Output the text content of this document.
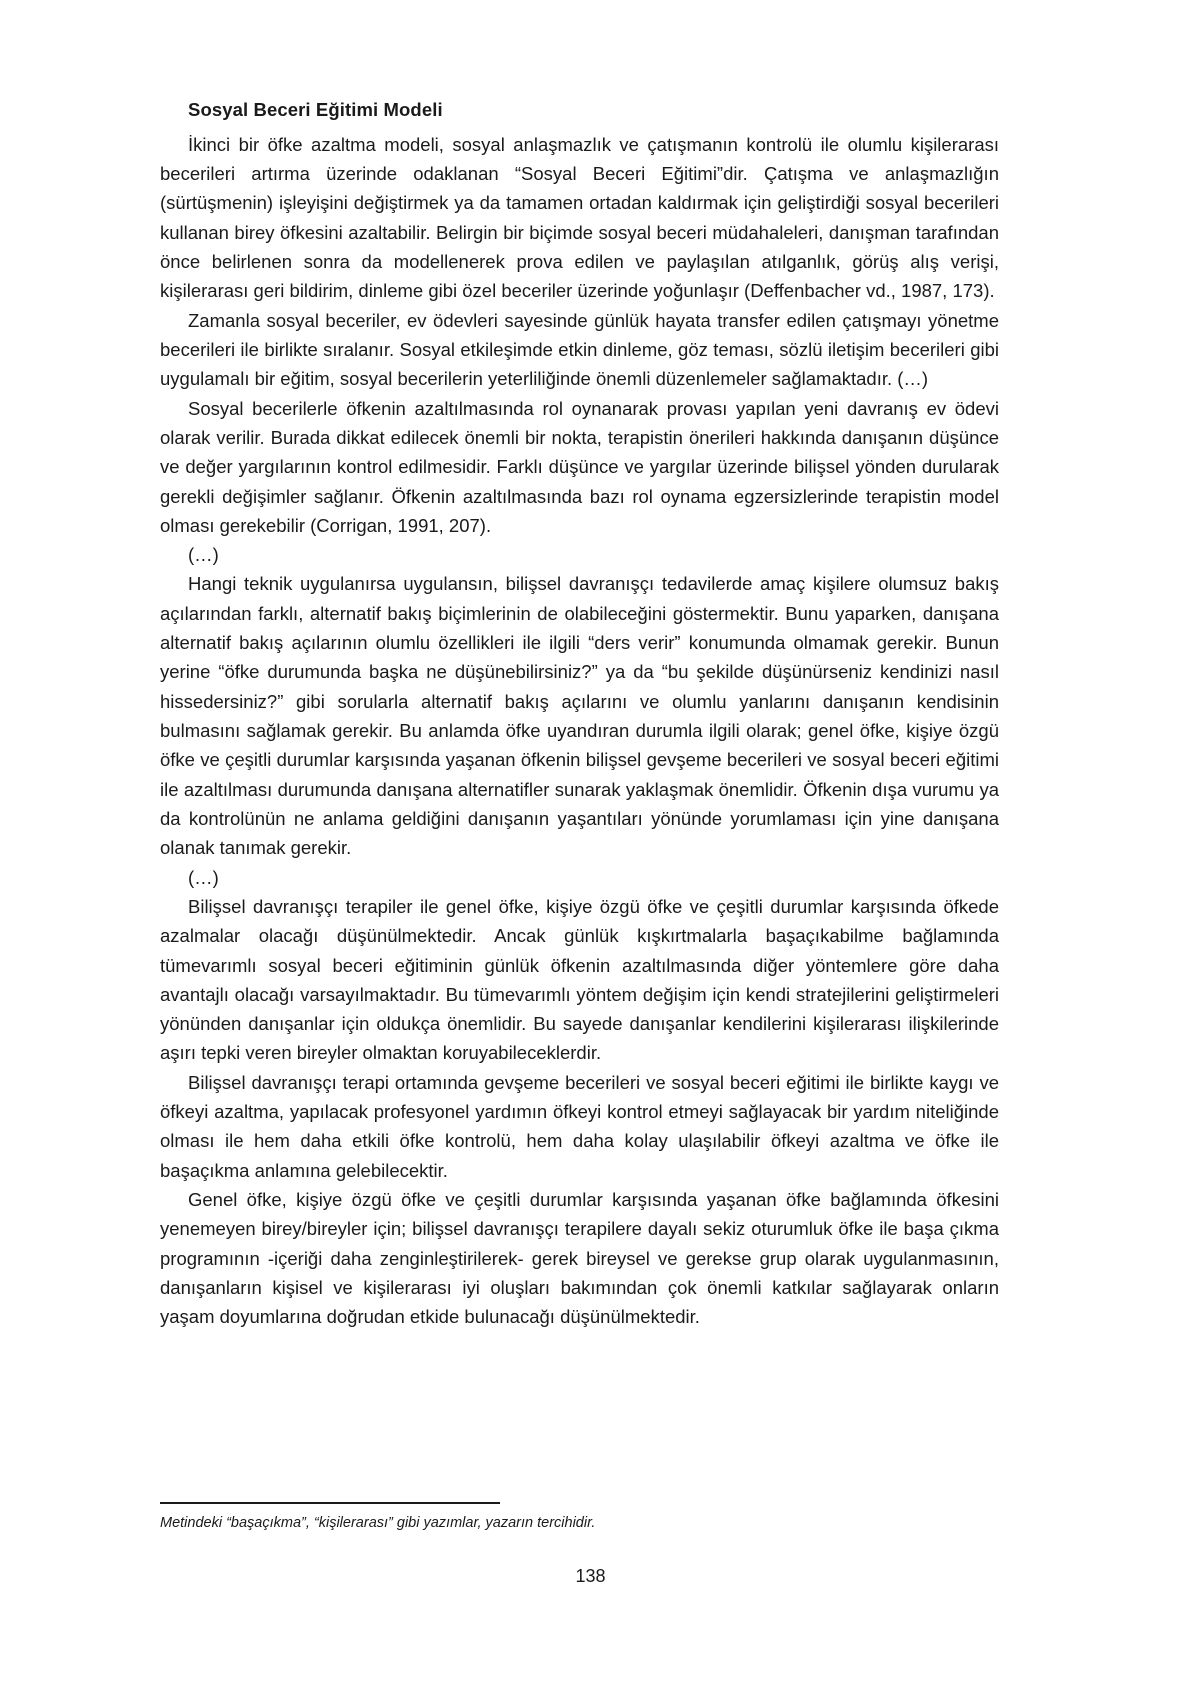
Sosyal Beceri Eğitimi Modeli

İkinci bir öfke azaltma modeli, sosyal anlaşmazlık ve çatışmanın kontrolü ile olumlu kişilerarası becerileri artırma üzerinde odaklanan “Sosyal Beceri Eğitimi”dir. Çatışma ve anlaşmazlığın (sürtüşmenin) işleyişini değiştirmek ya da tamamen ortadan kaldırmak için geliştirdiği sosyal becerileri kullanan birey öfkesini azaltabilir. Belirgin bir biçimde sosyal beceri müdahaleleri, danışman tarafından önce belirlenen sonra da modellenerek prova edilen ve paylaşılan atılganlık, görüş alış verişi, kişilerarası geri bildirim, dinleme gibi özel beceriler üzerinde yoğunlaşır (Deffenbacher vd., 1987, 173).

Zamanla sosyal beceriler, ev ödevleri sayesinde günlük hayata transfer edilen çatışmayı yönetme becerileri ile birlikte sıralanır. Sosyal etkileşimde etkin dinleme, göz teması, sözlü iletişim becerileri gibi uygulamalı bir eğitim, sosyal becerilerin yeterliliğinde önemli düzenlemeler sağlamaktadır. (…)

Sosyal becerilerle öfkenin azaltılmasında rol oynanarak provası yapılan yeni davranış ev ödevi olarak verilir. Burada dikkat edilecek önemli bir nokta, terapistin önerileri hakkında danışanın düşünce ve değer yargılarının kontrol edilmesidir. Farklı düşünce ve yargılar üzerinde bilişsel yönden durularak gerekli değişimler sağlanır. Öfkenin azaltılmasında bazı rol oynama egzersizlerinde terapistin model olması gerekebilir (Corrigan, 1991, 207).

(…)

Hangi teknik uygulanırsa uygulansın, bilişsel davranışçı tedavilerde amaç kişilere olumsuz bakış açılarından farklı, alternatif bakış biçimlerinin de olabileceğini göstermektir. Bunu yaparken, danışana alternatif bakış açılarının olumlu özellikleri ile ilgili “ders verir” konumunda olmamak gerekir. Bunun yerine “öfke durumunda başka ne düşünebilirsiniz?” ya da “bu şekilde düşünürseniz kendinizi nasıl hissedersiniz?” gibi sorularla alternatif bakış açılarını ve olumlu yanlarını danışanın kendisinin bulmasını sağlamak gerekir. Bu anlamda öfke uyandıran durumla ilgili olarak; genel öfke, kişiye özgü öfke ve çeşitli durumlar karşısında yaşanan öfkenin bilişsel gevşeme becerileri ve sosyal beceri eğitimi ile azaltılması durumunda danışana alternatifler sunarak yaklaşmak önemlidir. Öfkenin dışa vurumu ya da kontrolünün ne anlama geldiğini danışanın yaşantıları yönünde yorumlaması için yine danışana olanak tanımak gerekir.

(…)

Bilişsel davranışçı terapiler ile genel öfke, kişiye özgü öfke ve çeşitli durumlar karşısında öfkede azalmalar olacağı düşünülmektedir. Ancak günlük kışkırtmalarla başaçıkabilme bağlamında tümevarımlı sosyal beceri eğitiminin günlük öfkenin azaltılmasında diğer yöntemlere göre daha avantajlı olacağı varsayılmaktadır. Bu tümevarımlı yöntem değişim için kendi stratejilerini geliştirmeleri yönünden danışanlar için oldukça önemlidir. Bu sayede danışanlar kendilerini kişilerarası ilişkilerinde aşırı tepki veren bireyler olmaktan koruyabileceklerdir.

Bilişsel davranışçı terapi ortamında gevşeme becerileri ve sosyal beceri eğitimi ile birlikte kaygı ve öfkeyi azaltma, yapılacak profesyonel yardımın öfkeyi kontrol etmeyi sağlayacak bir yardım niteliğinde olması ile hem daha etkili öfke kontrolü, hem daha kolay ulaşılabilir öfkeyi azaltma ve öfke ile başaçıkma anlamına gelebilecektir.

Genel öfke, kişiye özgü öfke ve çeşitli durumlar karşısında yaşanan öfke bağlamında öfkesini yenemeyen birey/bireyler için; bilişsel davranışçı terapilere dayalı sekiz oturumluk öfke ile başa çıkma programının -içeriği daha zenginleştirilerek- gerek bireysel ve gerekse grup olarak uygulanmasının, danışanların kişisel ve kişilerarası iyi oluşları bakımından çok önemli katkılar sağlayarak onların yaşam doyumlarına doğrudan etkide bulunacağı düşünülmektedir.

Metindeki “başaçıkma”, “kişilerarası” gibi yazımlar, yazarın tercihidir.

138
